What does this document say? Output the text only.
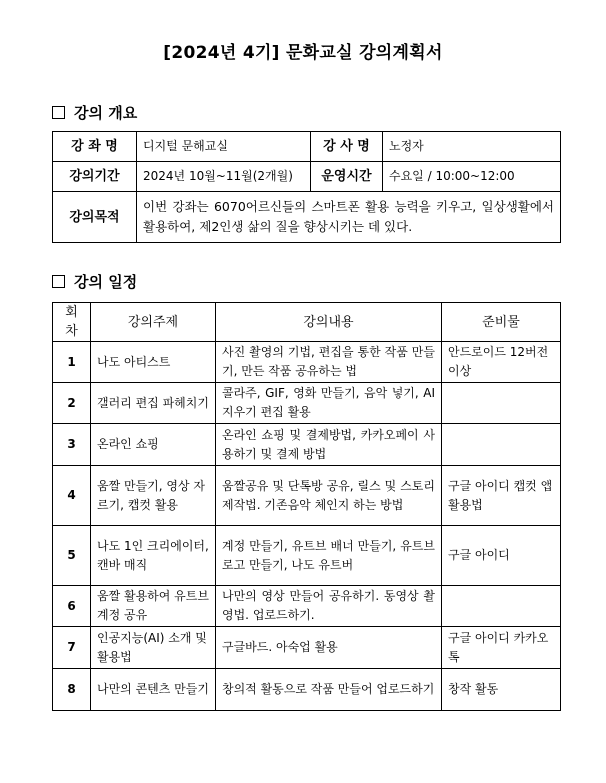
[2024년 4기] 문화교실 강의계획서
강의 개요
강 좌 명	디지털 문해교실	강 사 명	노정자
강의기간	2024년 10월~11월(2개월)	운영시간	수요일 / 10:00~12:00
강의목적	이번 강좌는 6070어르신들의 스마트폰 활용 능력을 키우고, 일상생활에서 활용하여, 제2인생 삶의 질을 향상시키는 데 있다.		
강의 일정
회차	강의주제	강의내용	준비물
1	나도 아티스트	사진 촬영의 기법, 편집을 통한 작품 만들기, 만든 작품 공유하는 법	안드로이드 12버전이상
2	갤러리 편집 파헤치기	콜라주, GIF, 영화 만들기, 음악 넣기, AI지우기 편집 활용	
3	온라인 쇼핑	온라인 쇼핑 및 결제방법, 카카오페이 사용하기 및 결제 방법	
4	움짤 만들기, 영상 자르기, 캡컷 활용	움짤공유 및 단톡방 공유, 릴스 및 스토리 제작법. 기존음악 체인지 하는 방법	구글 아이디 캡컷 앱 활용법
5	나도 1인 크리에이터, 캔바 매직	계정 만들기, 유트브 배너 만들기, 유트브 로고 만들기, 나도 유트버	구글 아이디
6	움짤 활용하여 유트브 계정 공유	나만의 영상 만들어 공유하기. 동영상 촬영법. 업로드하기.	
7	인공지능(AI) 소개 및 활용법	구글바드. 아숙업 활용	구글 아이디 카카오톡
8	나만의 콘텐츠 만들기	창의적 활동으로 작품 만들어 업로드하기	창작 활동
